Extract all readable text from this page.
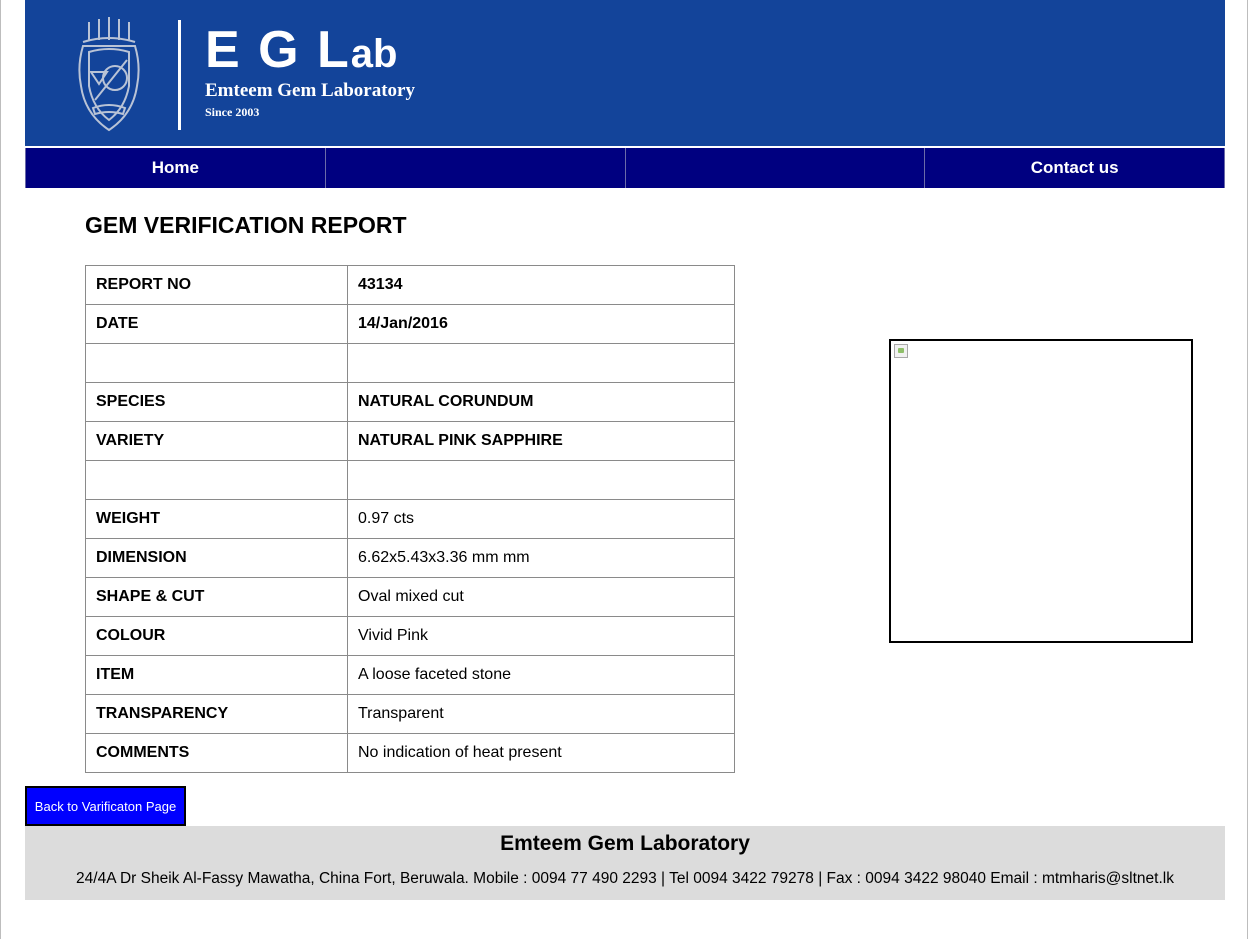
E G Lab
Emteem Gem Laboratory
Since 2003
Home	Contact us
GEM VERIFICATION REPORT
REPORT NO	43134
DATE	14/Jan/2016

SPECIES	NATURAL CORUNDUM
VARIETY	NATURAL PINK SAPPHIRE

WEIGHT	0.97 cts
DIMENSION	6.62x5.43x3.36 mm mm
SHAPE & CUT	Oval mixed cut
COLOUR	Vivid Pink
ITEM	A loose faceted stone
TRANSPARENCY	Transparent
COMMENTS	No indication of heat present
Back to Varificaton Page
Emteem Gem Laboratory
24/4A Dr Sheik Al-Fassy Mawatha, China Fort, Beruwala. Mobile : 0094 77 490 2293 | Tel 0094 3422 79278 | Fax : 0094 3422 98040 Email : mtmharis@sltnet.lk
